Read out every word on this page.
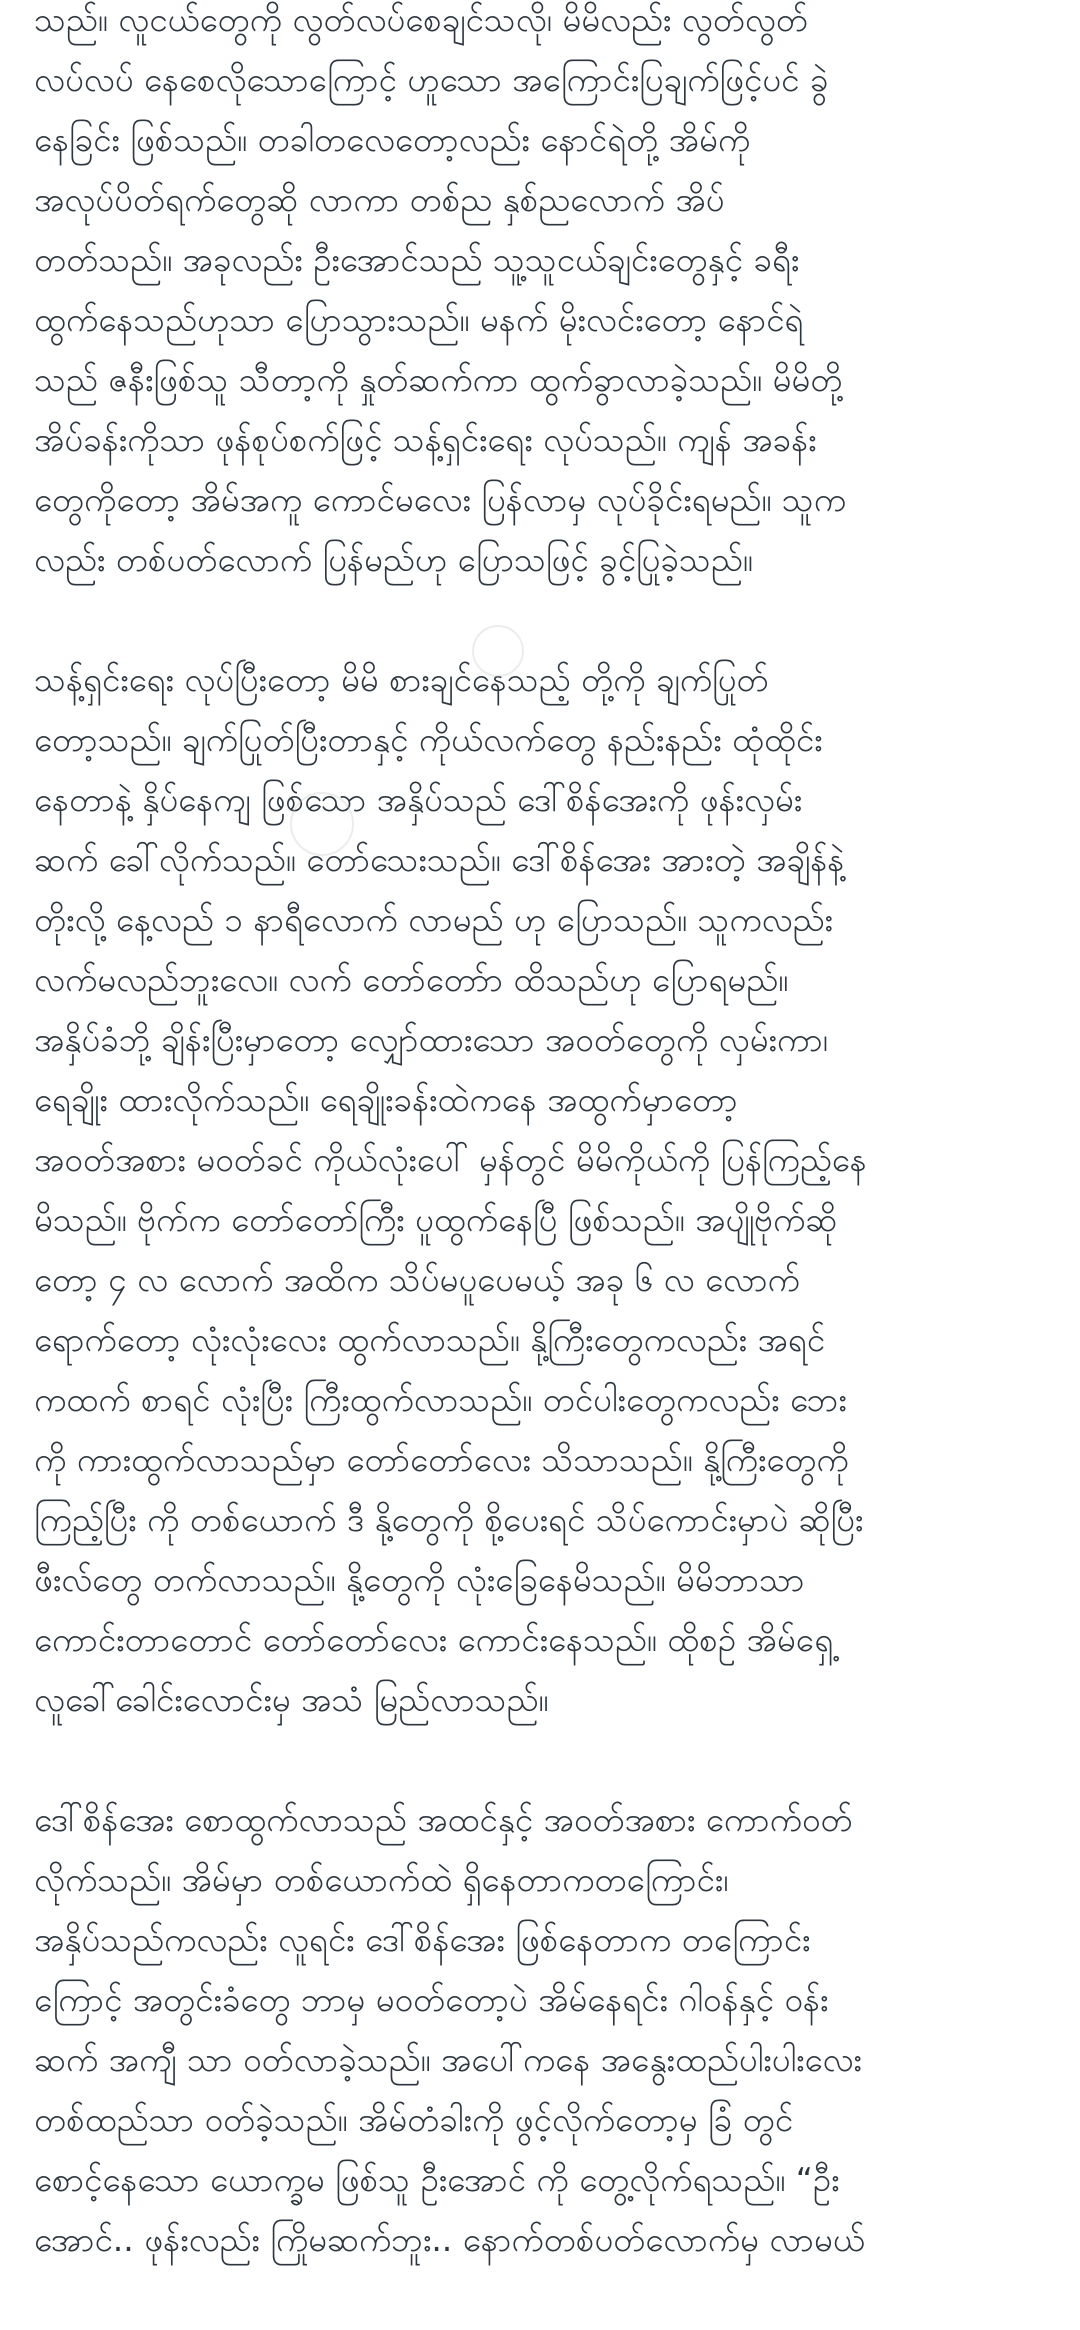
သည်။ လူငယ်တွေကို လွတ်လပ်စေချင်သလို၊ မိမိလည်း လွတ်လွတ်
လပ်လပ် နေစေလိုသောကြောင့် ဟူသော အကြောင်းပြချက်ဖြင့်ပင် ခွဲ
နေခြင်း ဖြစ်သည်။ တခါတလေတော့လည်း နောင်ရဲတို့ အိမ်ကို
အလုပ်ပိတ်ရက်တွေဆို လာကာ တစ်ည နှစ်ညလောက် အိပ်
တတ်သည်။ အခုလည်း ဦးအောင်သည် သူ့သူငယ်ချင်းတွေနှင့် ခရီး
ထွက်နေသည်ဟုသာ ပြောသွားသည်။ မနက် မိုးလင်းတော့ နောင်ရဲ
သည် ဇနီးဖြစ်သူ သီတာ့ကို နှုတ်ဆက်ကာ ထွက်ခွာလာခဲ့သည်။ မိမိတို့
အိပ်ခန်းကိုသာ ဖုန်စုပ်စက်ဖြင့် သန့်ရှင်းရေး လုပ်သည်။ ကျန် အခန်း
တွေကိုတော့ အိမ်အကူ ကောင်မလေး ပြန်လာမှ လုပ်ခိုင်းရမည်။ သူက
လည်း တစ်ပတ်လောက် ပြန်မည်ဟု ပြောသဖြင့် ခွင့်ပြုခဲ့သည်။
သန့်ရှင်းရေး လုပ်ပြီးတော့ မိမိ စားချင်နေသည့် တို့ကို ချက်ပြုတ်
တော့သည်။ ချက်ပြုတ်ပြီးတာနှင့် ကိုယ်လက်တွေ နည်းနည်း ထုံထိုင်း
နေတာနဲ့ နှိပ်နေကျ ဖြစ်သော အနှိပ်သည် ဒေါ်စိန်အေးကို ဖုန်းလှမ်း
ဆက် ခေါ်လိုက်သည်။ တော်သေးသည်။ ဒေါ်စိန်အေး အားတဲ့ အချိန်နဲ့
တိုးလို့ နေ့လည် ၁ နာရီလောက် လာမည် ဟု ပြောသည်။ သူကလည်း
လက်မလည်ဘူးလေ။ လက် တော်တော်ာ ထိသည်ဟု ပြောရမည်။
အနှိပ်ခံဘို့ ချိန်းပြီးမှာတော့ လျှော်ထားသော အဝတ်တွေကို လှမ်းကာ၊
ရေချိုး ထားလိုက်သည်။ ရေချိုးခန်းထဲကနေ အထွက်မှာတော့
အဝတ်အစား မဝတ်ခင် ကိုယ်လုံးပေါ် မှန်တွင် မိမိကိုယ်ကို ပြန်ကြည့်နေ
မိသည်။ ဗိုက်က တော်တော်ကြီး ပူထွက်နေပြီ ဖြစ်သည်။ အပျိုဗိုက်ဆို
တော့ ၄ လ လောက် အထိက သိပ်မပူပေမယ့် အခု ၆ လ လောက်
ရောက်တော့ လုံးလုံးလေး ထွက်လာသည်။ နို့ကြီးတွေကလည်း အရင်
ကထက် စာရင် လုံးပြီး ကြီးထွက်လာသည်။ တင်ပါးတွေကလည်း ဘေး
ကို ကားထွက်လာသည်မှာ တော်တော်လေး သိသာသည်။ နို့ကြီးတွေကို
ကြည့်ပြီး ကို တစ်ယောက် ဒီ နို့တွေကို စို့ပေးရင် သိပ်ကောင်းမှာပဲ ဆိုပြီး
ဖီးလ်တွေ တက်လာသည်။ နို့တွေကို လုံးခြေနေမိသည်။ မိမိဘာသာ
ကောင်းတာတောင် တော်တော်လေး ကောင်းနေသည်။ ထိုစဉ် အိမ်ရှေ့
လူခေါ်ခေါင်းလောင်းမှ အသံ မြည်လာသည်။
ဒေါ်စိန်အေး စောထွက်လာသည် အထင်နှင့် အဝတ်အစား ကောက်ဝတ်
လိုက်သည်။ အိမ်မှာ တစ်ယောက်ထဲ ရှိနေတာကတကြောင်း၊
အနှိပ်သည်ကလည်း လူရင်း ဒေါ်စိန်အေး ဖြစ်နေတာက တကြောင်း
ကြောင့် အတွင်းခံတွေ ဘာမှ မဝတ်တော့ပဲ အိမ်နေရင်း ဂါဝန်နှင့် ဝန်း
ဆက် အကျီ သာ ဝတ်လာခဲ့သည်။ အပေါ်ကနေ အနွေးထည်ပါးပါးလေး
တစ်ထည်သာ ဝတ်ခဲ့သည်။ အိမ်တံခါးကို ဖွင့်လိုက်တော့မှ ခြံ တွင်
စောင့်နေသော ယောက္ခမ ဖြစ်သူ ဦးအောင် ကို တွေ့လိုက်ရသည်။ “ဦး
အောင်.. ဖုန်းလည်း ကြိုမဆက်ဘူး.. နောက်တစ်ပတ်လောက်မှ လာမယ်
